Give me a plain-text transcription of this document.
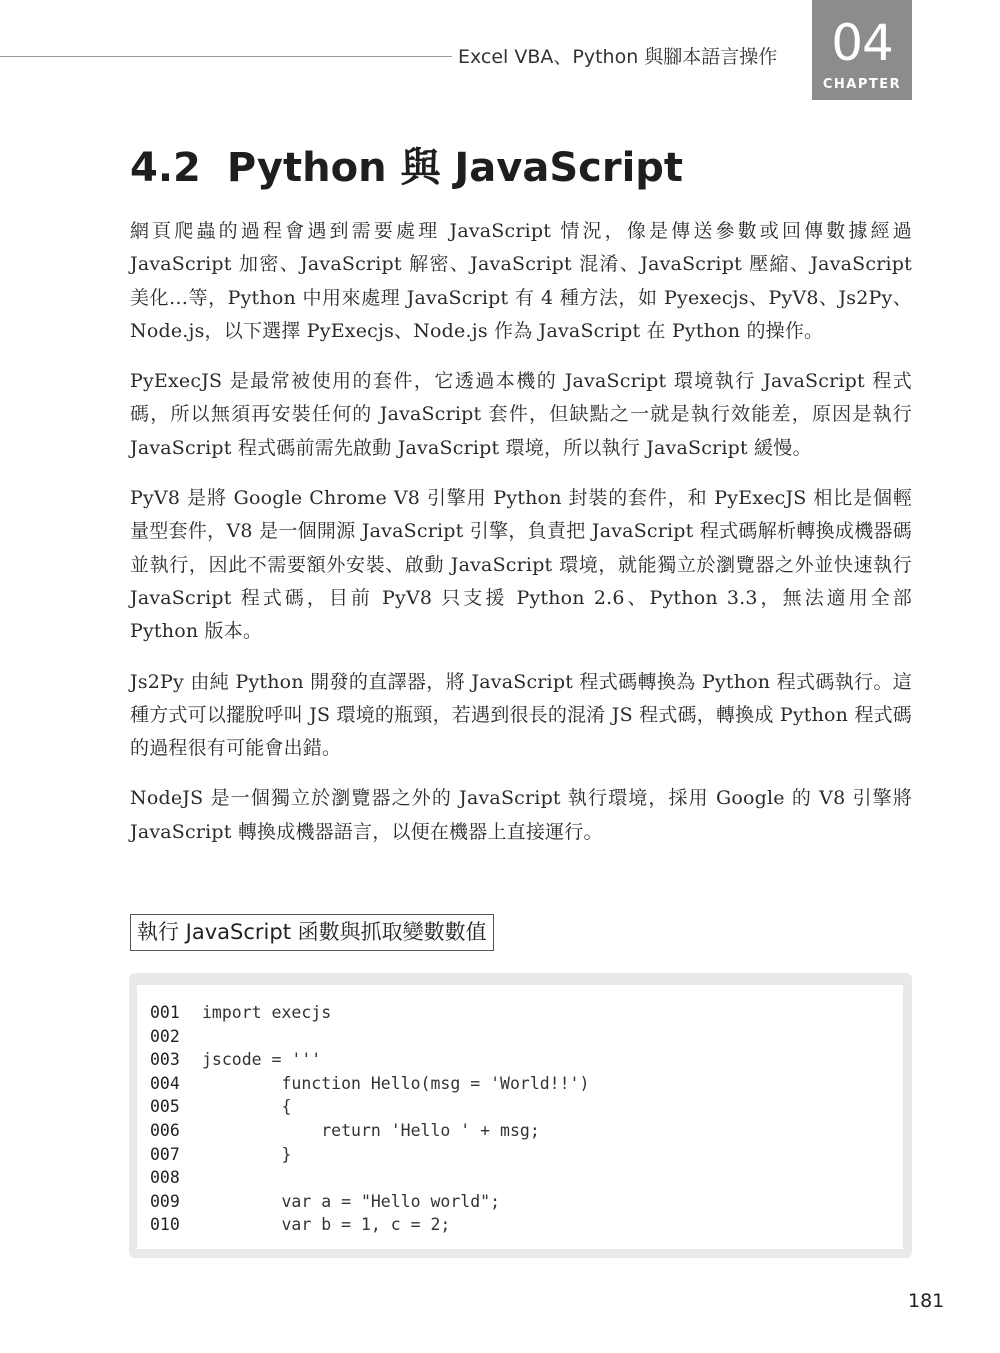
Excel VBA、Python 與腳本語言操作	04
CHAPTER
4.2 Python 與 JavaScript

網頁爬蟲的過程會遇到需要處理 JavaScript 情況，像是傳送參數或回傳數據經過 JavaScript 加密、JavaScript 解密、JavaScript 混淆、JavaScript 壓縮、JavaScript 美化…等，Python 中用來處理 JavaScript 有 4 種方法，如 Pyexecjs、PyV8、Js2Py、Node.js，以下選擇 PyExecjs、Node.js 作為 JavaScript 在 Python 的操作。

PyExecJS 是最常被使用的套件，它透過本機的 JavaScript 環境執行 JavaScript 程式碼，所以無須再安裝任何的 JavaScript 套件，但缺點之一就是執行效能差，原因是執行 JavaScript 程式碼前需先啟動 JavaScript 環境，所以執行 JavaScript 緩慢。

PyV8 是將 Google Chrome V8 引擎用 Python 封裝的套件，和 PyExecJS 相比是個輕量型套件，V8 是一個開源 JavaScript 引擎，負責把 JavaScript 程式碼解析轉換成機器碼並執行，因此不需要額外安裝、啟動 JavaScript 環境，就能獨立於瀏覽器之外並快速執行 JavaScript 程式碼，目前 PyV8 只支援 Python 2.6、Python 3.3，無法適用全部 Python 版本。

Js2Py 由純 Python 開發的直譯器，將 JavaScript 程式碼轉換為 Python 程式碼執行。這種方式可以擺脫呼叫 JS 環境的瓶頸，若遇到很長的混淆 JS 程式碼，轉換成 Python 程式碼的過程很有可能會出錯。

NodeJS 是一個獨立於瀏覽器之外的 JavaScript 執行環境，採用 Google 的 V8 引擎將 JavaScript 轉換成機器語言，以便在機器上直接運行。

執行 JavaScript 函數與抓取變數數值
001 import execjs
002
003 jscode = '''
004        function Hello(msg = 'World!!')
005        {
006            return 'Hello ' + msg;
007        }
008
009        var a = "Hello world";
010        var b = 1, c = 2;
181
